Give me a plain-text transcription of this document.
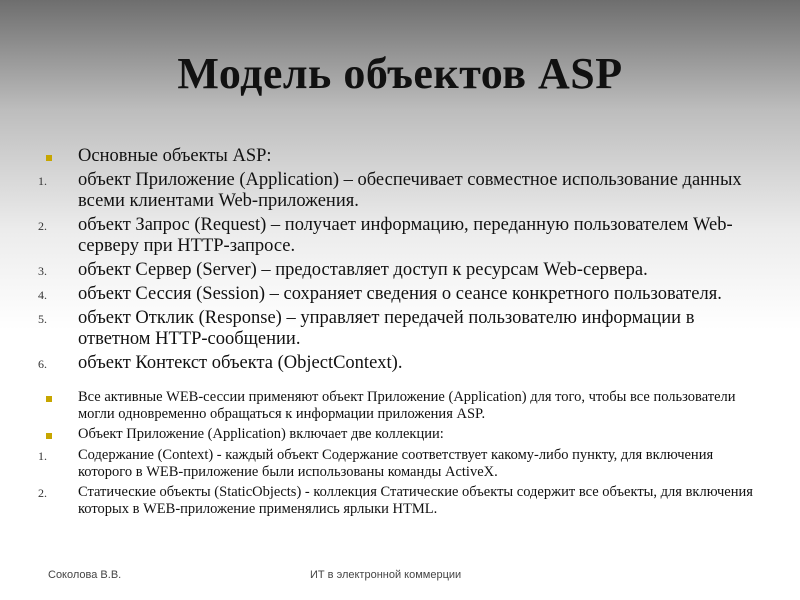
Модель объектов ASP
Основные объекты ASP:
1.	объект Приложение (Application) – обеспечивает совместное использование данных всеми клиентами Web-приложения.
2.	объект Запрос (Request) – получает информацию, переданную пользователем Web-серверу при HTTP-запросе.
3.	объект Сервер (Server) – предоставляет доступ к ресурсам Web-сервера.
4.	объект Сессия (Session) – сохраняет сведения о сеансе конкретного пользователя.
5.	объект Отклик (Response) – управляет передачей пользователю информации в ответном HTTP-сообщении.
6.	объект Контекст объекта (ObjectContext).
Все активные WEB-сессии применяют объект Приложение (Application) для того, чтобы все пользователи могли одновременно обращаться к информации приложения ASP.
Объект Приложение (Application) включает две коллекции:
1.	Содержание (Context) - каждый объект Содержание соответствует какому-либо пункту, для включения которого в WEB-приложение были использованы команды ActiveX.
2.	Статические объекты (StaticObjects) - коллекция Статические объекты содержит все объекты, для включения которых в WEB-приложение применялись ярлыки HTML.
Соколова В.В.	ИТ в электронной коммерции
